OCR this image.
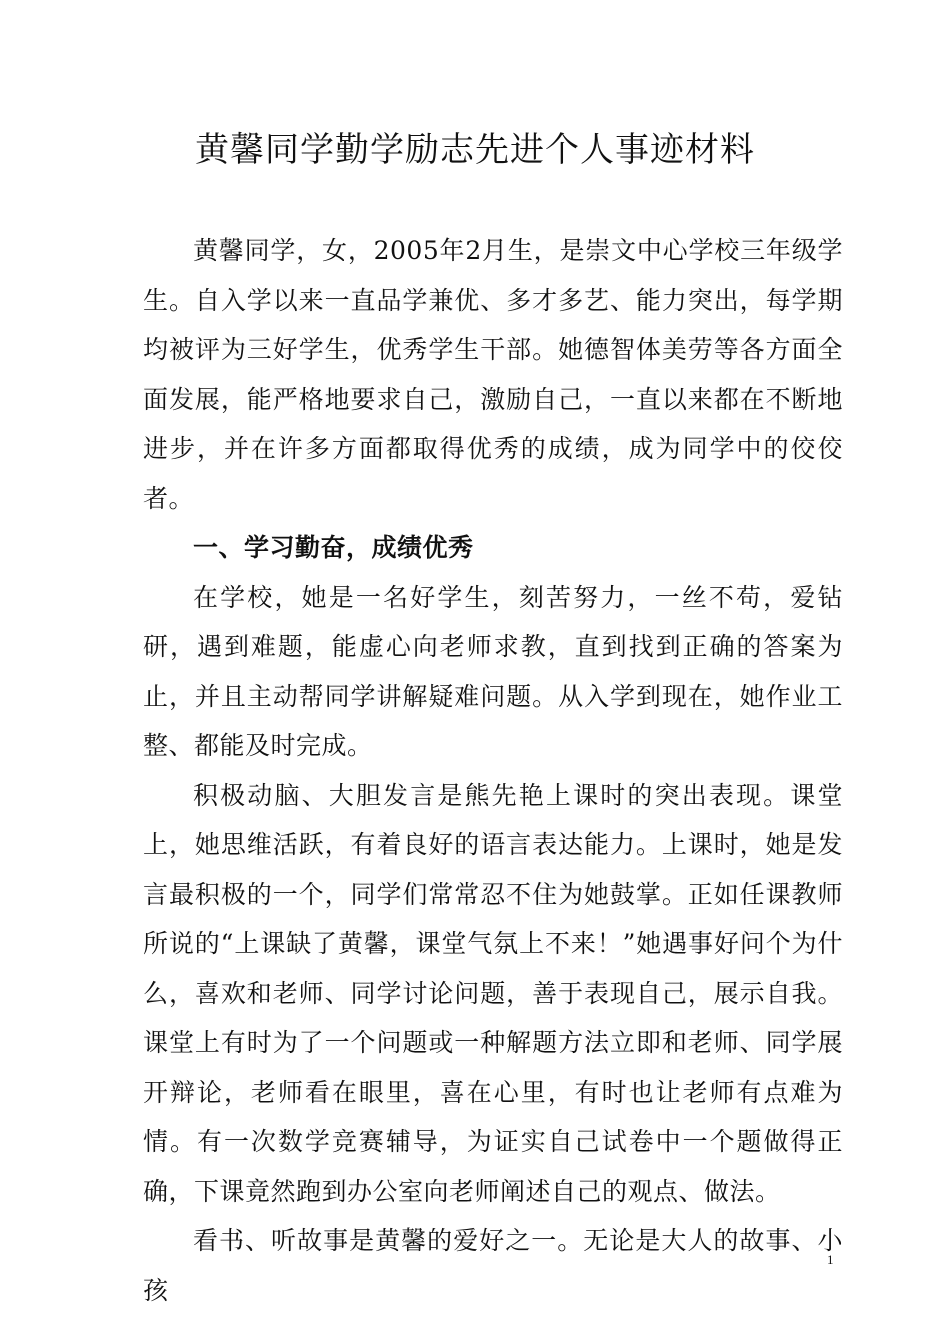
黄馨同学勤学励志先进个人事迹材料

黄馨同学，女，2005年2月生，是崇文中心学校三年级学生。自入学以来一直品学兼优、多才多艺、能力突出，每学期均被评为三好学生，优秀学生干部。她德智体美劳等各方面全面发展，能严格地要求自己，激励自己，一直以来都在不断地进步，并在许多方面都取得优秀的成绩，成为同学中的佼佼者。

一、学习勤奋，成绩优秀

在学校，她是一名好学生，刻苦努力，一丝不苟，爱钻研，遇到难题，能虚心向老师求教，直到找到正确的答案为止，并且主动帮同学讲解疑难问题。从入学到现在，她作业工整、都能及时完成。

积极动脑、大胆发言是熊先艳上课时的突出表现。课堂上，她思维活跃，有着良好的语言表达能力。上课时，她是发言最积极的一个，同学们常常忍不住为她鼓掌。正如任课教师所说的“上课缺了黄馨，课堂气氛上不来！”她遇事好问个为什么，喜欢和老师、同学讨论问题，善于表现自己，展示自我。课堂上有时为了一个问题或一种解题方法立即和老师、同学展开辩论，老师看在眼里，喜在心里，有时也让老师有点难为情。有一次数学竞赛辅导，为证实自己试卷中一个题做得正确，下课竟然跑到办公室向老师阐述自己的观点、做法。

看书、听故事是黄馨的爱好之一。无论是大人的故事、小孩

1
